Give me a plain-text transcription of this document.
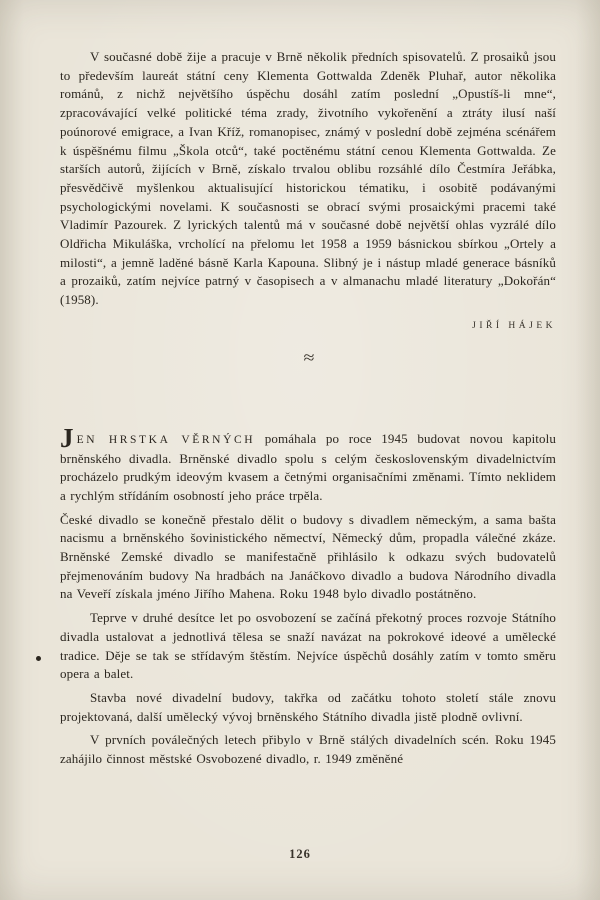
V současné době žije a pracuje v Brně několik předních spisovatelů. Z prosaiků jsou to především laureát státní ceny Klementa Gottwalda Zdeněk Pluhař, autor několika románů, z nichž největšího úspěchu dosáhl zatím poslední „Opustíš-li mne“, zpracovávající velké politické téma zrady, životního vykořenění a ztráty ilusí naší poúnorové emigrace, a Ivan Kříž, romanopisec, známý v poslední době zejména scénářem k úspěšnému filmu „Škola otců“, také poctěnému státní cenou Klementa Gottwalda. Ze starších autorů, žijících v Brně, získalo trvalou oblibu rozsáhlé dílo Čestmíra Jeřábka, přesvědčivě myšlenkou aktualisující historickou tématiku, i osobitě podávanými psychologickými novelami. K současnosti se obrací svými prosaickými pracemi také Vladimír Pazourek. Z lyrických talentů má v současné době největší ohlas vyzrálé dílo Oldřicha Mikuláška, vrcholící na přelomu let 1958 a 1959 básnickou sbírkou „Ortely a milosti“, a jemně laděné básně Karla Kapouna. Slibný je i nástup mladé generace básníků a prozaiků, zatím nejvíce patrný v časopisech a v almanachu mladé literatury „Dokořán“ (1958).

JIŘÍ HÁJEK
≈

JEN HRSTKA VĚRNÝCH pomáhala po roce 1945 budovat novou kapitolu brněnského divadla. Brněnské divadlo spolu s celým československým divadelnictvím procházelo prudkým ideovým kvasem a četnými organisačními změnami. Tímto neklidem a rychlým střídáním osobností jeho práce trpěla.

České divadlo se konečně přestalo dělit o budovy s divadlem německým, a sama bašta nacismu a brněnského šovinistického němectví, Německý dům, propadla válečné zkáze. Brněnské Zemské divadlo se manifestačně přihlásilo k odkazu svých budovatelů přejmenováním budovy Na hradbách na Janáčkovo divadlo a budova Národního divadla na Veveří získala jméno Jiřího Mahena. Roku 1948 bylo divadlo postátněno.

Teprve v druhé desítce let po osvobození se začíná překotný proces rozvoje Státního divadla ustalovat a jednotlivá tělesa se snaží navázat na pokrokové ideové a umělecké tradice. Děje se tak se střídavým štěstím. Nejvíce úspěchů dosáhly zatím v tomto směru opera a balet.

Stavba nové divadelní budovy, takřka od začátku tohoto století stále znovu projektovaná, další umělecký vývoj brněnského Státního divadla jistě plodně ovlivní.

V prvních poválečných letech přibylo v Brně stálých divadelních scén. Roku 1945 zahájilo činnost městské Osvobozené divadlo, r. 1949 změněné

126
